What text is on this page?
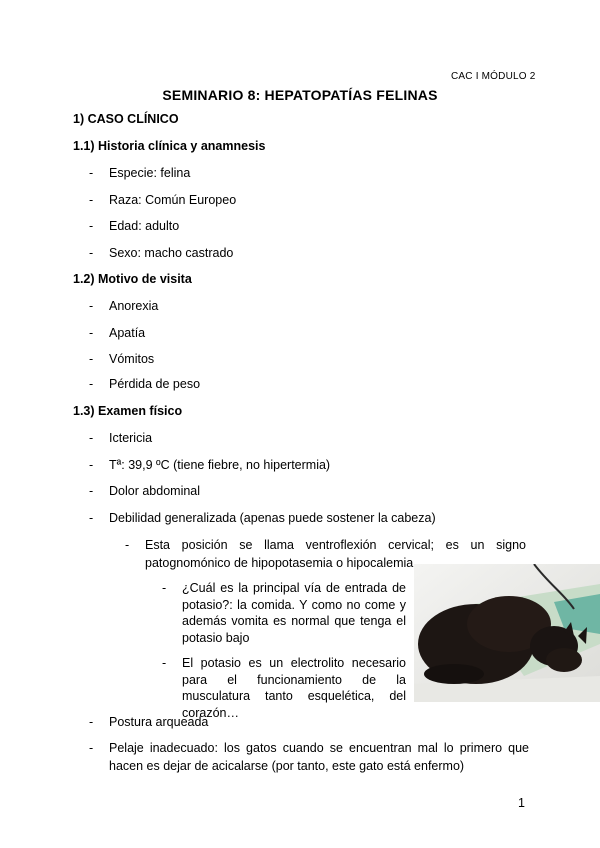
CAC I MÓDULO 2
SEMINARIO 8: HEPATOPATÍAS FELINAS
1) CASO CLÍNICO
1.1) Historia clínica y anamnesis
- Especie: felina
- Raza: Común Europeo
- Edad: adulto
- Sexo: macho castrado
1.2) Motivo de visita
- Anorexia
- Apatía
- Vómitos
- Pérdida de peso
1.3) Examen físico
- Ictericia
- Tª: 39,9 ºC (tiene fiebre, no hipertermia)
- Dolor abdominal
- Debilidad generalizada (apenas puede sostener la cabeza)
- Esta posición se llama ventroflexión cervical; es un signo patognomónico de hipopotasemia o hipocalemia
- ¿Cuál es la principal vía de entrada de potasio?: la comida. Y como no come y además vomita es normal que tenga el potasio bajo
- El potasio es un electrolito necesario para el funcionamiento de la musculatura tanto esquelética, del corazón…
- Postura arqueada
- Pelaje inadecuado: los gatos cuando se encuentran mal lo primero que hacen es dejar de acicalarse (por tanto, este gato está enfermo)
1
